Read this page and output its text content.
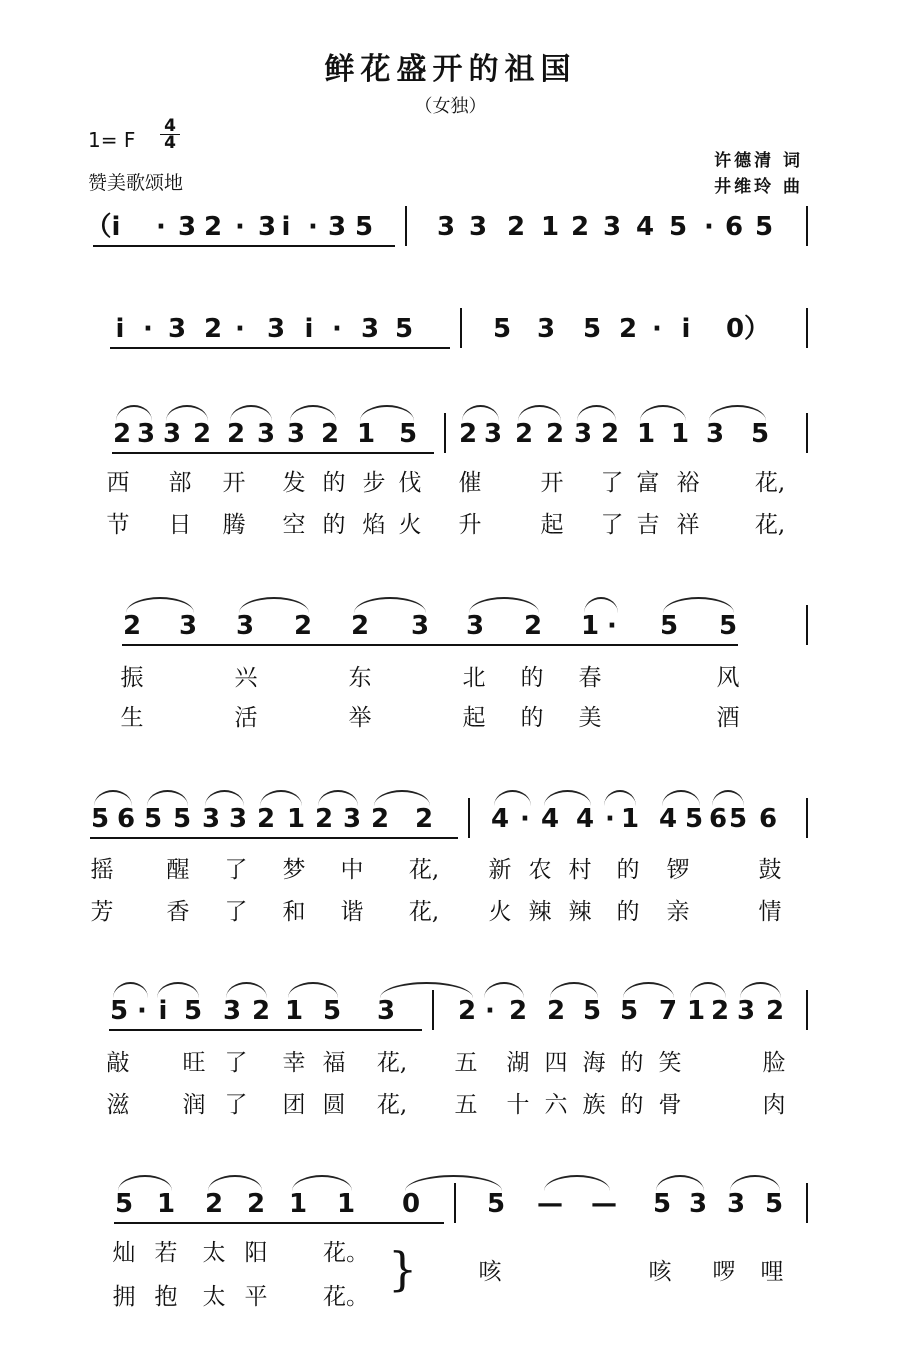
鲜花盛开的祖国
（女独）
1= F $\frac{4}{4}$
赞美歌颂地
许德清 词
井维玲 曲
（i · 3 2 · 3 i · 3 5 3 3 2 1 2 3 4 5 · 6 5
i · 3 2 · 3 i · 3 5	5 3 5 2 · i 0）
2 3 3 2 2 3 3 2 1 5 2 3 2 2 3 2 1 1 3 5
西 部 开 发 的 步 伐 催	开 了 富 裕 花,
节 日 腾 空 的 焰 火 升	起 了 吉 祥 花,
2 3 3 2 2 3 3 2 1 · 5 5
振	兴	东	北 的 春	风
生	活	举	起 的 美	酒
5 6 5 5 3 3 2 1 2 3 2 2 4 · 4 4 · 1 4 5 6 5 6
摇 醒 了 梦 中 花, 新 农 村 的 锣	鼓
芳 香 了 和 谐 花, 火 辣 辣 的 亲	情
5 · i 5 3 2 1 5 3 2 · 2 2 5 5 7 1 2 3 2
敲 旺 了 幸 福 花, 五 湖 四 海 的 笑	脸
滋 润 了 团 圆 花, 五 十 六 族 的 骨	肉
5 1 2 2 1 1 0	5 — — 5 3 3 5
灿 若 太 阳 花。
拥 抱 太 平 花。
咳	咳 啰 哩
}
